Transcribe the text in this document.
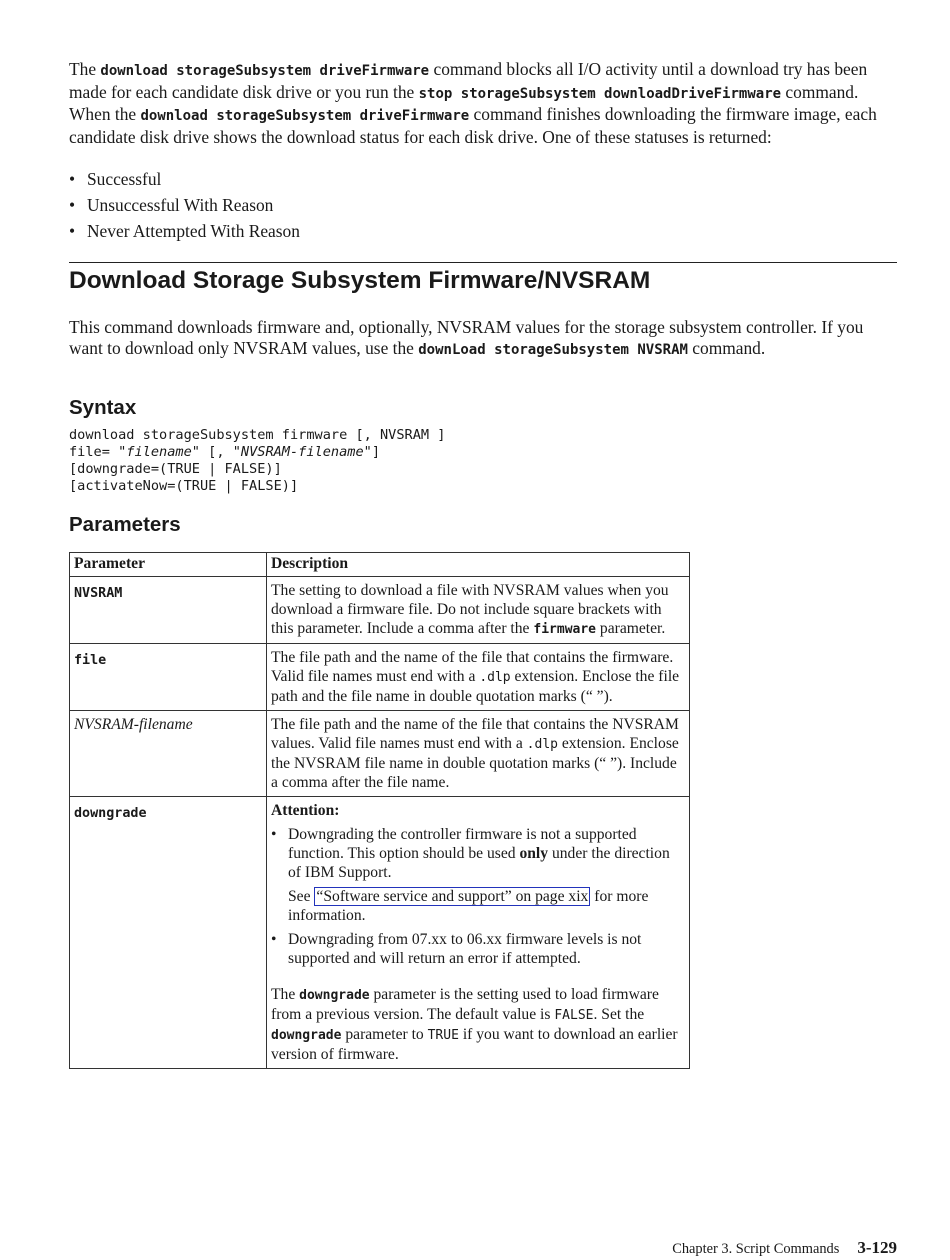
The download storageSubsystem driveFirmware command blocks all I/O activity until a download try has been made for each candidate disk drive or you run the stop storageSubsystem downloadDriveFirmware command. When the download storageSubsystem driveFirmware command finishes downloading the firmware image, each candidate disk drive shows the download status for each disk drive. One of these statuses is returned:

• Successful
• Unsuccessful With Reason
• Never Attempted With Reason
Download Storage Subsystem Firmware/NVSRAM

This command downloads firmware and, optionally, NVSRAM values for the storage subsystem controller. If you want to download only NVSRAM values, use the downLoad storageSubsystem NVSRAM command.

Syntax
download storageSubsystem firmware [, NVSRAM ]
file= "filename" [, "NVSRAM-filename"]
[downgrade=(TRUE | FALSE)]
[activateNow=(TRUE | FALSE)]
Parameters
Parameter	Description
NVSRAM	The setting to download a file with NVSRAM values when you download a firmware file. Do not include square brackets with this parameter. Include a comma after the firmware parameter.
file	The file path and the name of the file that contains the firmware. Valid file names must end with a .dlp extension. Enclose the file path and the file name in double quotation marks (“ ”).
NVSRAM-filename	The file path and the name of the file that contains the NVSRAM values. Valid file names must end with a .dlp extension. Enclose the NVSRAM file name in double quotation marks (“ ”). Include a comma after the file name.
downgrade	Attention:
• Downgrading the controller firmware is not a supported function. This option should be used only under the direction of IBM Support.
See “Software service and support” on page xix for more information.
• Downgrading from 07.xx to 06.xx firmware levels is not supported and will return an error if attempted.
The downgrade parameter is the setting used to load firmware from a previous version. The default value is FALSE. Set the downgrade parameter to TRUE if you want to download an earlier version of firmware.
Chapter 3. Script Commands 3-129
